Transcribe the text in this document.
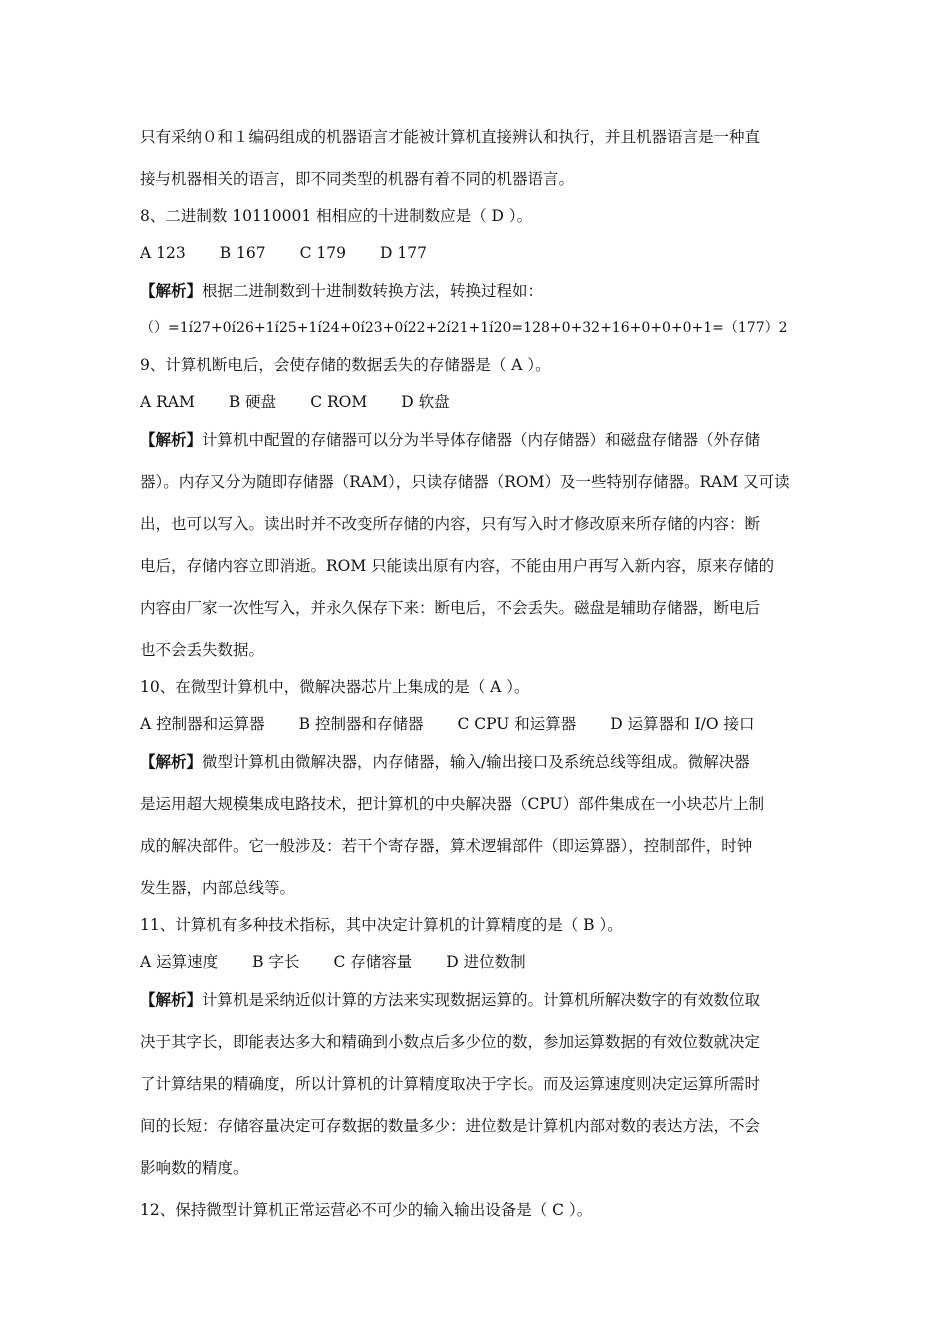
只有采纳０和１编码组成的机器语言才能被计算机直接辨认和执行，并且机器语言是一种直
接与机器相关的语言，即不同类型的机器有着不同的机器语言。
8、二进制数 10110001 相相应的十进制数应是（ D ）。
A 123 B 167 C 179 D 177
【解析】根据二进制数到十进制数转换方法，转换过程如：
（）=1í27+0í26+1í25+1í24+0í23+0í22+2í21+1í20=128+0+32+16+0+0+0+1=（177）2
9、计算机断电后，会使存储的数据丢失的存储器是（ A ）。
A RAM B 硬盘 C ROM D 软盘
【解析】计算机中配置的存储器可以分为半导体存储器（内存储器）和磁盘存储器（外存储
器）。内存又分为随即存储器（RAM），只读存储器（ROM）及一些特别存储器。RAM 又可读
出，也可以写入。读出时并不改变所存储的内容，只有写入时才修改原来所存储的内容：断
电后，存储内容立即消逝。ROM 只能读出原有内容，不能由用户再写入新内容，原来存储的
内容由厂家一次性写入，并永久保存下来：断电后，不会丢失。磁盘是辅助存储器，断电后
也不会丢失数据。
10、在微型计算机中，微解决器芯片上集成的是（ A ）。
A 控制器和运算器 B 控制器和存储器 C CPU 和运算器 D 运算器和 I/O 接口
【解析】微型计算机由微解决器，内存储器，输入/输出接口及系统总线等组成。微解决器
是运用超大规模集成电路技术，把计算机的中央解决器（CPU）部件集成在一小块芯片上制
成的解决部件。它一般涉及：若干个寄存器，算术逻辑部件（即运算器），控制部件，时钟
发生器，内部总线等。
11、计算机有多种技术指标，其中决定计算机的计算精度的是（ B ）。
A 运算速度 B 字长 C 存储容量 D 进位数制
【解析】计算机是采纳近似计算的方法来实现数据运算的。计算机所解决数字的有效数位取
决于其字长，即能表达多大和精确到小数点后多少位的数，参加运算数据的有效位数就决定
了计算结果的精确度，所以计算机的计算精度取决于字长。而及运算速度则决定运算所需时
间的长短：存储容量决定可存数据的数量多少：进位数是计算机内部对数的表达方法，不会
影响数的精度。
12、保持微型计算机正常运营必不可少的输入输出设备是（ C ）。
